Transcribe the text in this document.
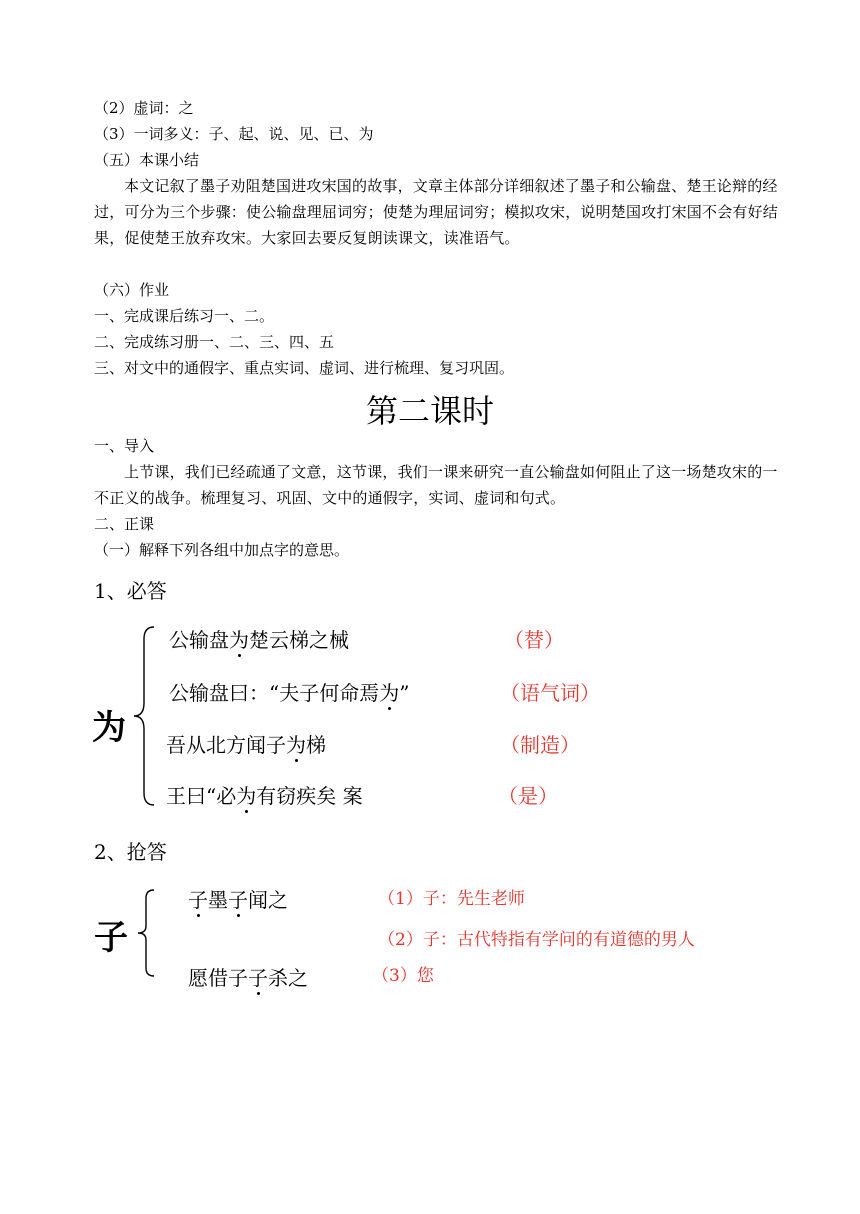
（2）虚词：之
（3）一词多义：子、起、说、见、已、为
（五）本课小结
本文记叙了墨子劝阻楚国进攻宋国的故事，文章主体部分详细叙述了墨子和公输盘、楚王论辩的经过，可分为三个步骤：使公输盘理屈词穷；使楚为理屈词穷；模拟攻宋，说明楚国攻打宋国不会有好结果，促使楚王放弃攻宋。大家回去要反复朗读课文，读准语气。
（六）作业
一、完成课后练习一、二。
二、完成练习册一、二、三、四、五
三、对文中的通假字、重点实词、虚词、进行梳理、复习巩固。
第二课时
一、导入
上节课，我们已经疏通了文意，这节课，我们一课来研究一直公输盘如何阻止了这一场楚攻宋的一不正义的战争。梳理复习、巩固、文中的通假字，实词、虚词和句式。
二、正课
（一）解释下列各组中加点字的意思。
1、必答
为
公输盘为楚云梯之械	（替）
公输盘曰：“夫子何命焉为”	（语气词）
吾从北方闻子为梯	（制造）
王曰“必为有窃疾矣 案	（是）
2、抢答
子
子墨子闻之	（1）子：先生老师
（2）子：古代特指有学问的有道德的男人
愿借子子杀之	（3）您
